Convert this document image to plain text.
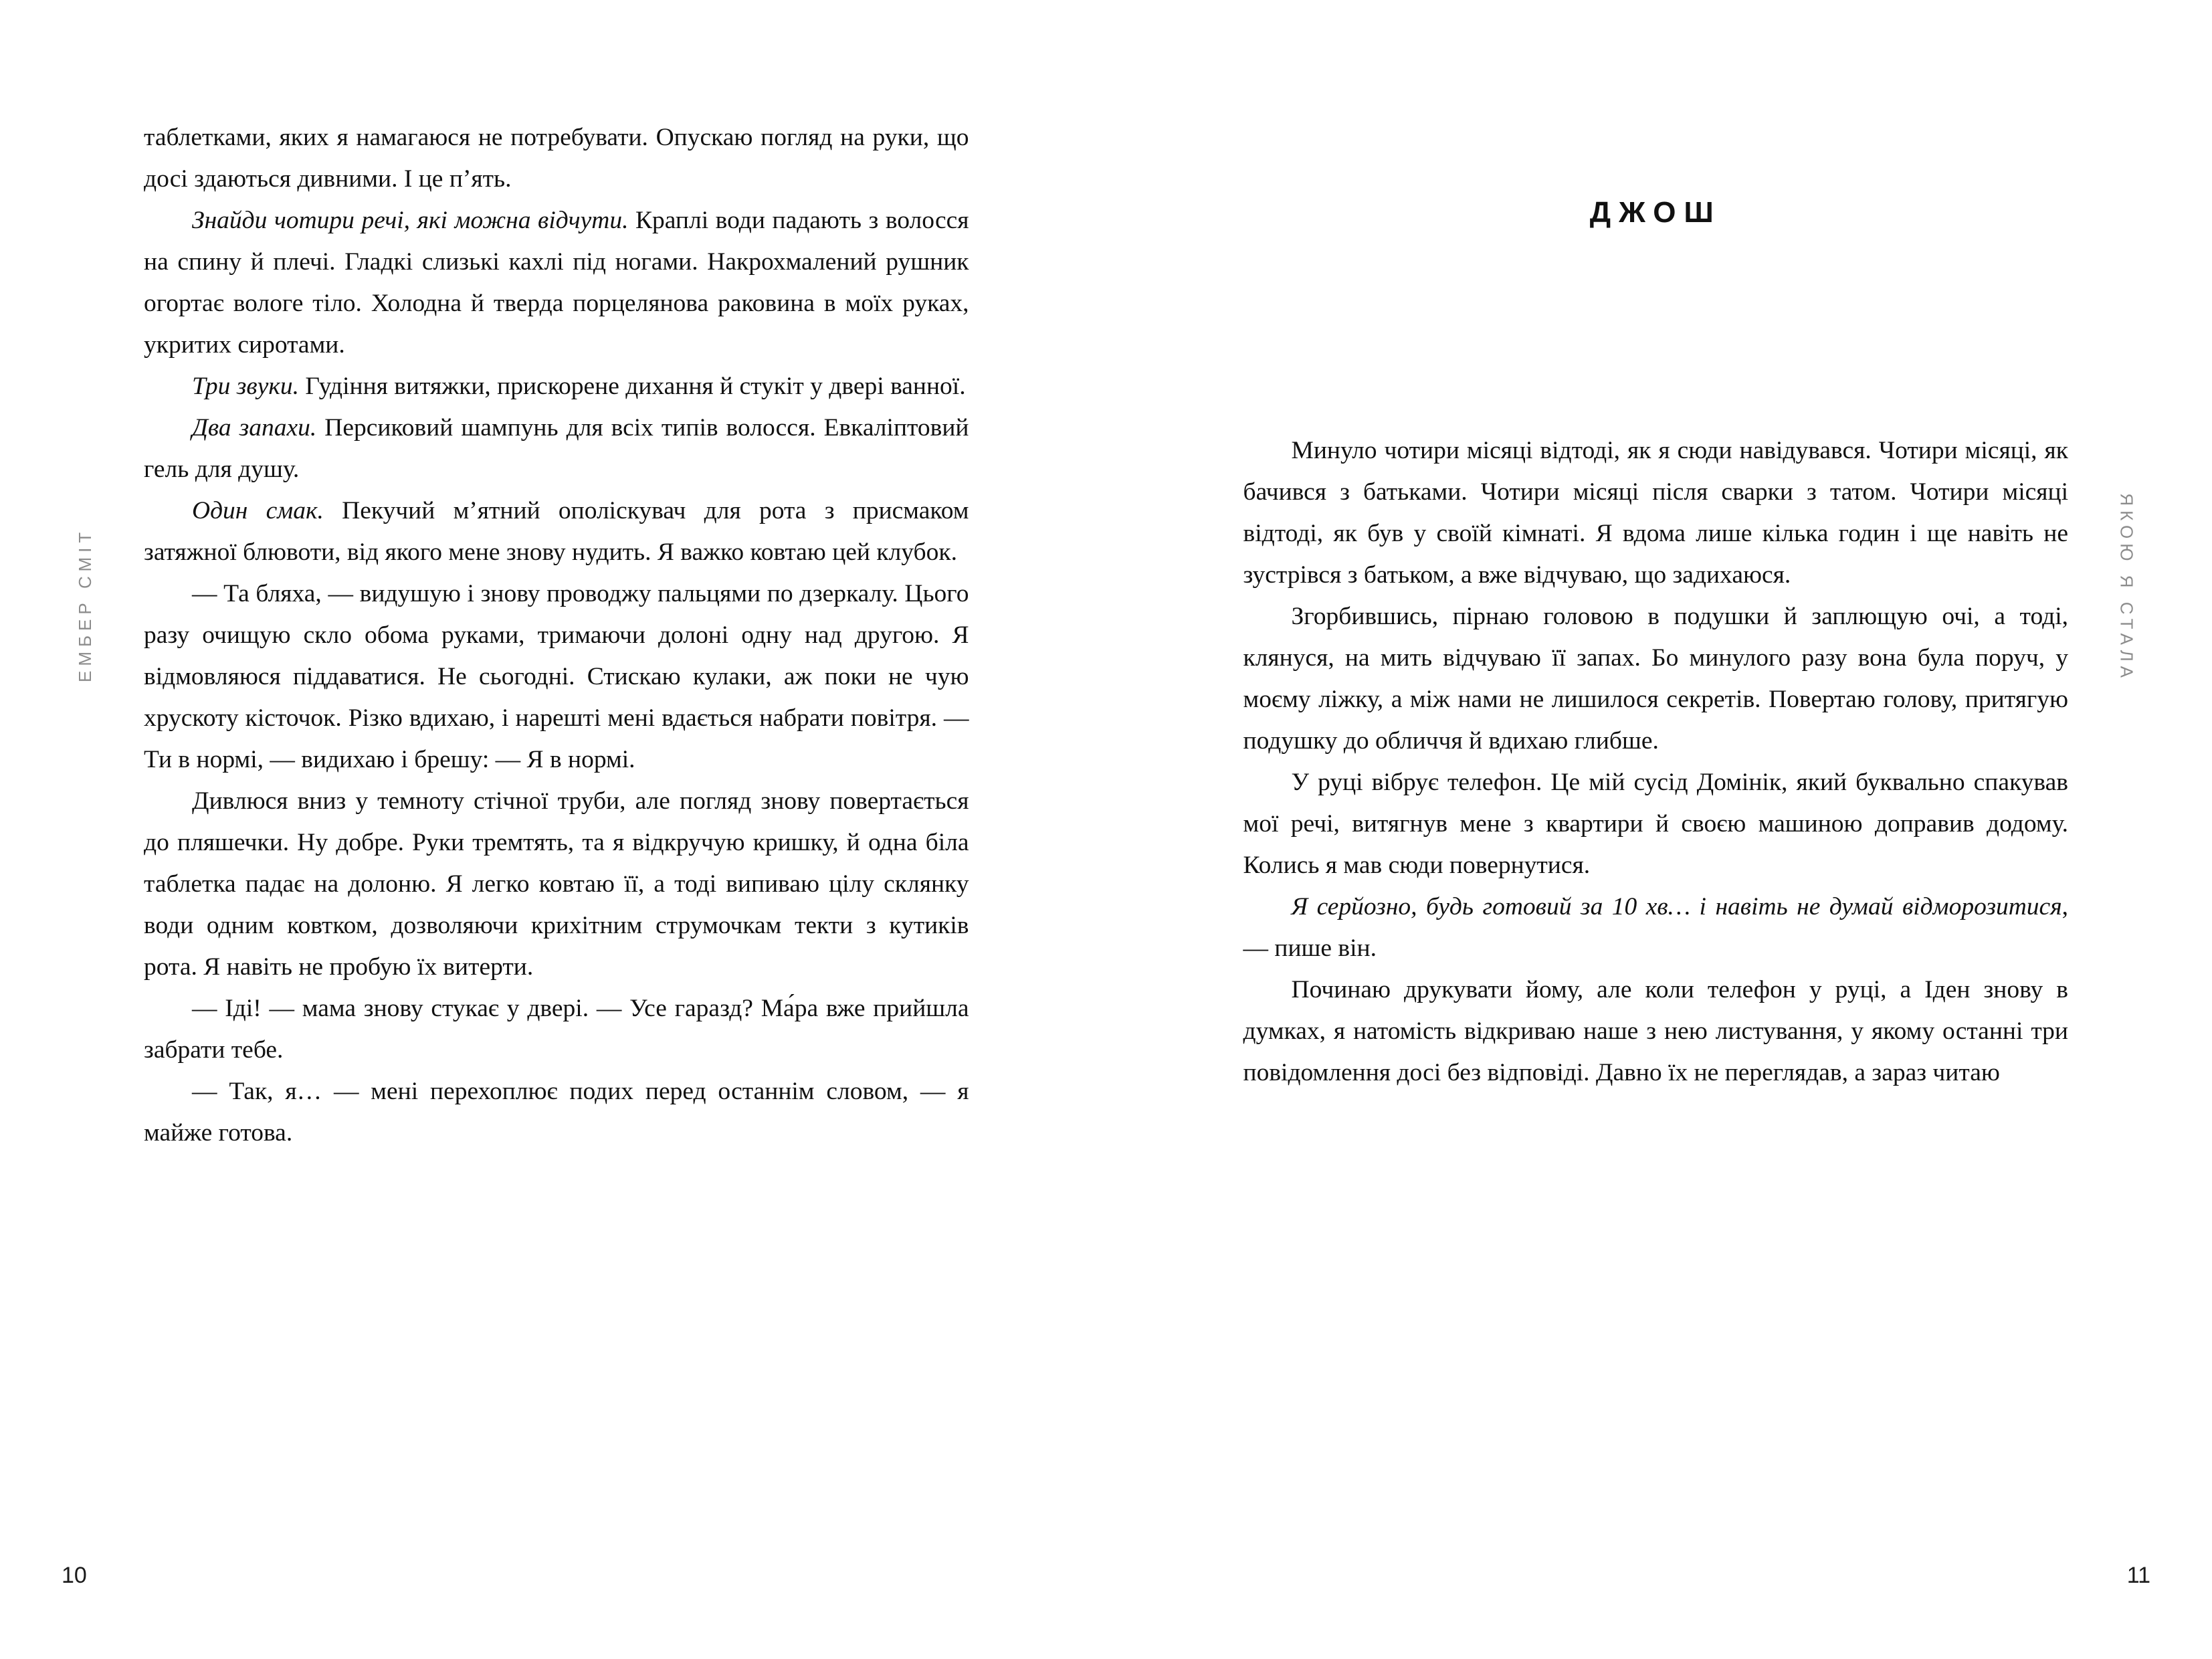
ЕМБЕР СМІТ

таблетками, яких я намагаюся не потребувати. Опускаю погляд на руки, що досі здаються дивними. І це п’ять.

Знайди чотири речі, які можна відчути. Краплі води падають з волосся на спину й плечі. Гладкі слизькі кахлі під ногами. Накрохмалений рушник огортає вологе тіло. Холодна й тверда порцелянова раковина в моїх руках, укритих сиротами.

Три звуки. Гудіння витяжки, прискорене дихання й стукіт у двері ванної.

Два запахи. Персиковий шампунь для всіх типів волосся. Евкаліптовий гель для душу.

Один смак. Пекучий м’ятний ополіскувач для рота з присмаком затяжної блювоти, від якого мене знову нудить. Я важко ковтаю цей клубок.

— Та бляха, — видушую і знову проводжу пальцями по дзеркалу. Цього разу очищую скло обома руками, тримаючи долоні одну над другою. Я відмовляюся піддаватися. Не сьогодні. Стискаю кулаки, аж поки не чую хрускоту кісточок. Різко вдихаю, і нарешті мені вдається набрати повітря. — Ти в нормі, — видихаю і брешу: — Я в нормі.

Дивлюся вниз у темноту стічної труби, але погляд знову повертається до пляшечки. Ну добре. Руки тремтять, та я відкручую кришку, й одна біла таблетка падає на долоню. Я легко ковтаю її, а тоді випиваю цілу склянку води одним ковтком, дозволяючи крихітним струмочкам текти з кутиків рота. Я навіть не пробую їх витерти.

— Іді! — мама знову стукає у двері. — Усе гаразд? Ма́ра вже прийшла забрати тебе.

— Так, я… — мені перехоплює подих перед останнім словом, — я майже готова.

10
ЯКОЮ Я СТАЛА
ДЖОШ

Минуло чотири місяці відтоді, як я сюди навідувався. Чотири місяці, як бачився з батьками. Чотири місяці після сварки з татом. Чотири місяці відтоді, як був у своїй кімнаті. Я вдома лише кілька годин і ще навіть не зустрівся з батьком, а вже відчуваю, що задихаюся.

Згорбившись, пірнаю головою в подушки й заплющую очі, а тоді, клянуся, на мить відчуваю її запах. Бо минулого разу вона була поруч, у моєму ліжку, а між нами не лишилося секретів. Повертаю голову, притягую подушку до обличчя й вдихаю глибше.

У руці вібрує телефон. Це мій сусід Домінік, який буквально спакував мої речі, витягнув мене з квартири й своєю машиною доправив додому. Колись я мав сюди повернутися.

Я серйозно, будь готовий за 10 хв… і навіть не думай відморозитися, — пише він.

Починаю друкувати йому, але коли телефон у руці, а Іден знову в думках, я натомість відкриваю наше з нею листування, у якому останні три повідомлення досі без відповіді. Давно їх не переглядав, а зараз читаю

11
